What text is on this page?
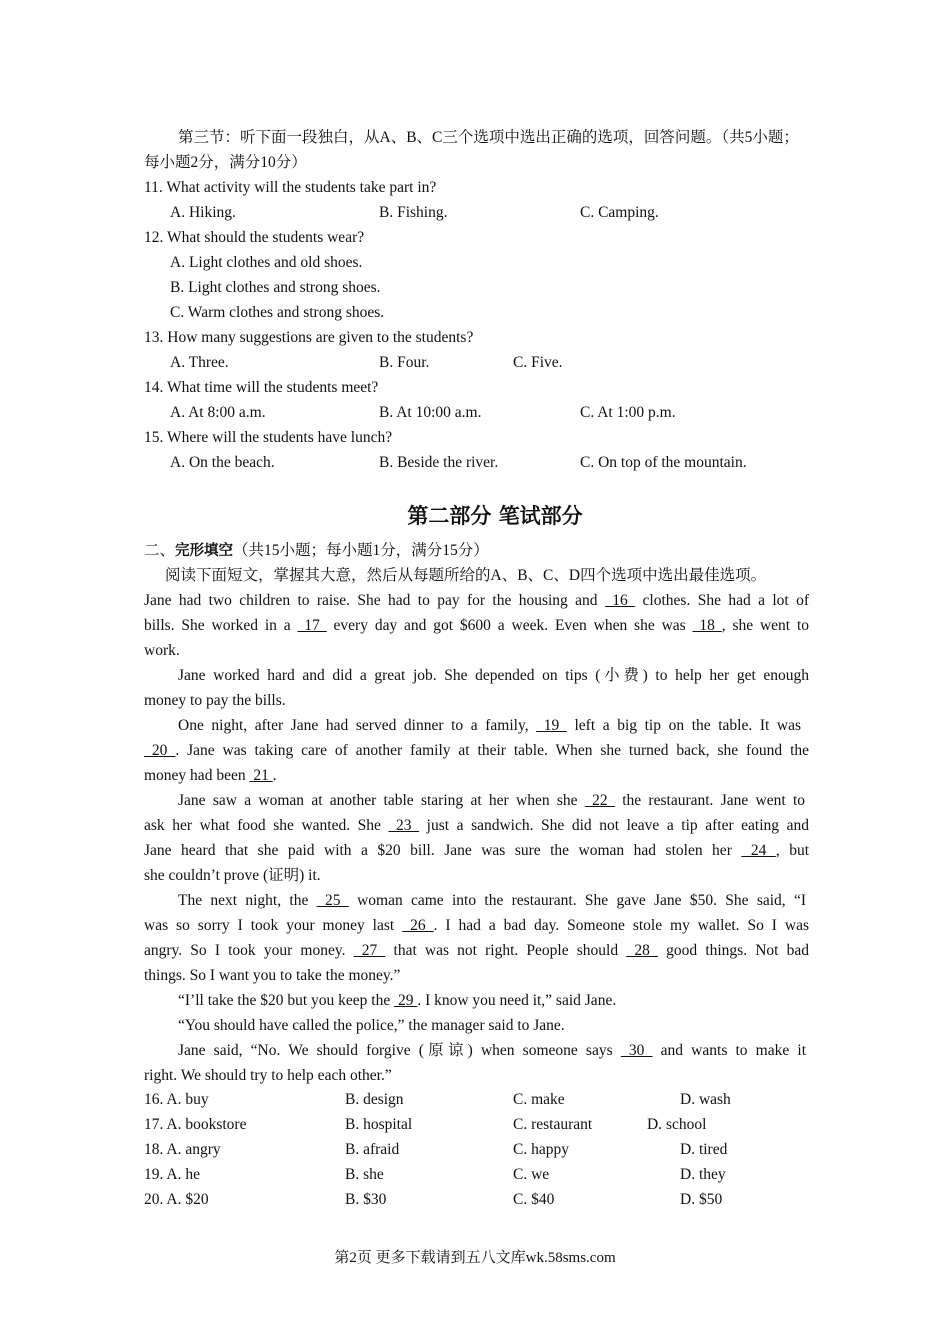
第三节：听下面一段独白，从A、B、C三个选项中选出正确的选项，回答问题。（共5小题；
每小题2分，满分10分）
11. What activity will the students take part in?
A. Hiking.	B. Fishing.	C. Camping.
12. What should the students wear?
A. Light clothes and old shoes.
B. Light clothes and strong shoes.
C. Warm clothes and strong shoes.
13. How many suggestions are given to the students?
A. Three.	B. Four.	C. Five.
14. What time will the students meet?
A. At 8:00 a.m.	B. At 10:00 a.m.	C. At 1:00 p.m.
15. Where will the students have lunch?
A. On the beach.	B. Beside the river.	C. On top of the mountain.
第二部分 笔试部分
二、完形填空（共15小题；每小题1分，满分15分）
阅读下面短文，掌握其大意，然后从每题所给的A、B、C、D四个选项中选出最佳选项。
Jane had two children to raise. She had to pay for the housing and  16  clothes. She had a lot of
bills. She worked in a  17  every day and got $600 a week. Even when she was  18 , she went to
work.
Jane worked hard and did a great job. She depended on tips (小费) to help her get enough
money to pay the bills.
One night, after Jane had served dinner to a family,  19  left a big tip on the table. It was
20 . Jane was taking care of another family at their table. When she turned back, she found the
money had been  21 .
Jane saw a woman at another table staring at her when she  22  the restaurant. Jane went to
ask her what food she wanted. She  23  just a sandwich. She did not leave a tip after eating and
Jane heard that she paid with a $20 bill. Jane was sure the woman had stolen her  24 , but
she couldn’t prove (证明) it.
The next night, the  25  woman came into the restaurant. She gave Jane $50. She said, “I
was so sorry I took your money last  26 . I had a bad day. Someone stole my wallet. So I was
angry. So I took your money.  27  that was not right. People should  28  good things. Not bad
things. So I want you to take the money.”
“I’ll take the $20 but you keep the  29 . I know you need it,” said Jane.
“You should have called the police,” the manager said to Jane.
Jane said, “No. We should forgive (原谅) when someone says  30  and wants to make it
right. We should try to help each other.”
16. A. buy	B. design	C. make	D. wash
17. A. bookstore	B. hospital	C. restaurant	D. school
18. A. angry	B. afraid	C. happy	D. tired
19. A. he	B. she	C. we	D. they
20. A. $20	B. $30	C. $40	D. $50
第2页 更多下载请到五八文库wk.58sms.com
